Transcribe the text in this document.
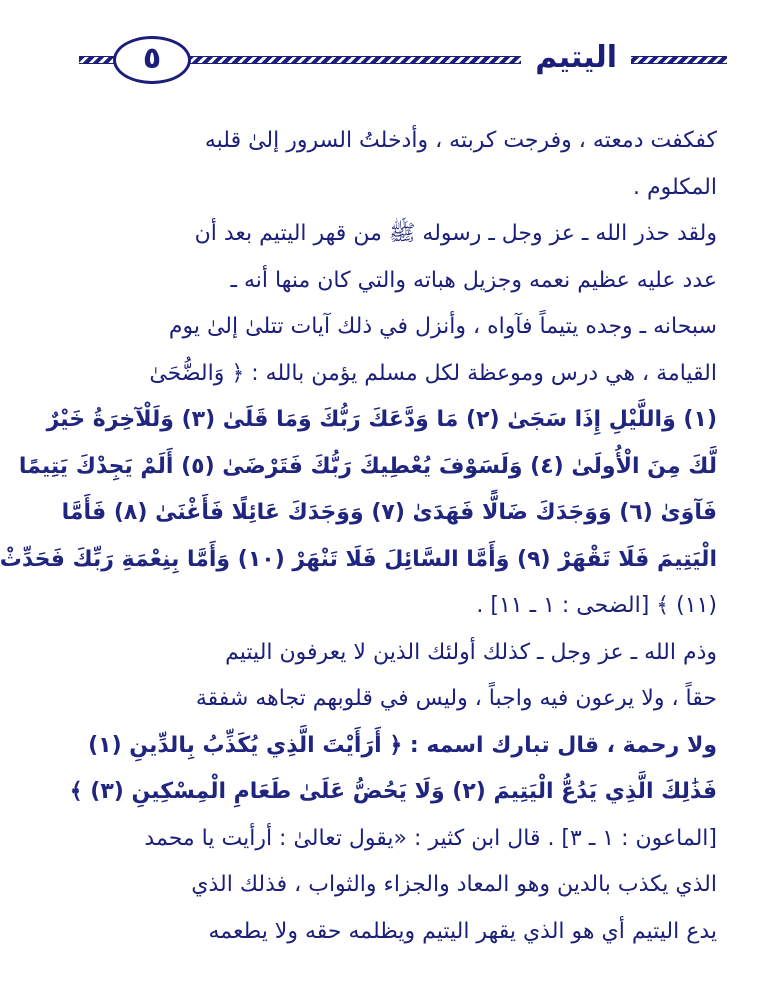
اليتيم
٥
كفكفت دمعته ، وفرجت كربته ، وأدخلتُ السرور إلىٰ قلبه
المكلوم .
ولقد حذر الله ـ عز وجل ـ رسوله ﷺ من قهر اليتيم بعد أن
عدد عليه عظيم نعمه وجزيل هباته والتي كان منها أنه ـ
سبحانه ـ وجده يتيماً فآواه ، وأنزل في ذلك آيات تتلىٰ إلىٰ يوم
القيامة ، هي درس وموعظة لكل مسلم يؤمن بالله : ﴿ وَالضُّحَىٰ
(١) وَاللَّيْلِ إِذَا سَجَىٰ (٢) مَا وَدَّعَكَ رَبُّكَ وَمَا قَلَىٰ (٣) وَلَلْآخِرَةُ خَيْرٌ
لَّكَ مِنَ الْأُولَىٰ (٤) وَلَسَوْفَ يُعْطِيكَ رَبُّكَ فَتَرْضَىٰ (٥) أَلَمْ يَجِدْكَ يَتِيمًا
فَآوَىٰ (٦) وَوَجَدَكَ ضَالًّا فَهَدَىٰ (٧) وَوَجَدَكَ عَائِلًا فَأَغْنَىٰ (٨) فَأَمَّا
الْيَتِيمَ فَلَا تَقْهَرْ (٩) وَأَمَّا السَّائِلَ فَلَا تَنْهَرْ (١٠) وَأَمَّا بِنِعْمَةِ رَبِّكَ فَحَدِّثْ
(١١) ﴾ [الضحى : ١ ـ ١١] .
وذم الله ـ عز وجل ـ كذلك أولئك الذين لا يعرفون اليتيم
حقاً ، ولا يرعون فيه واجباً ، وليس في قلوبهم تجاهه شفقة
ولا رحمة ، قال تبارك اسمه : ﴿ أَرَأَيْتَ الَّذِي يُكَذِّبُ بِالدِّينِ (١)
فَذَٰلِكَ الَّذِي يَدُعُّ الْيَتِيمَ (٢) وَلَا يَحُضُّ عَلَىٰ طَعَامِ الْمِسْكِينِ (٣) ﴾
[الماعون : ١ ـ ٣] . قال ابن كثير : «يقول تعالىٰ : أرأيت يا محمد
الذي يكذب بالدين وهو المعاد والجزاء والثواب ، فذلك الذي
يدع اليتيم أي هو الذي يقهر اليتيم ويظلمه حقه ولا يطعمه
